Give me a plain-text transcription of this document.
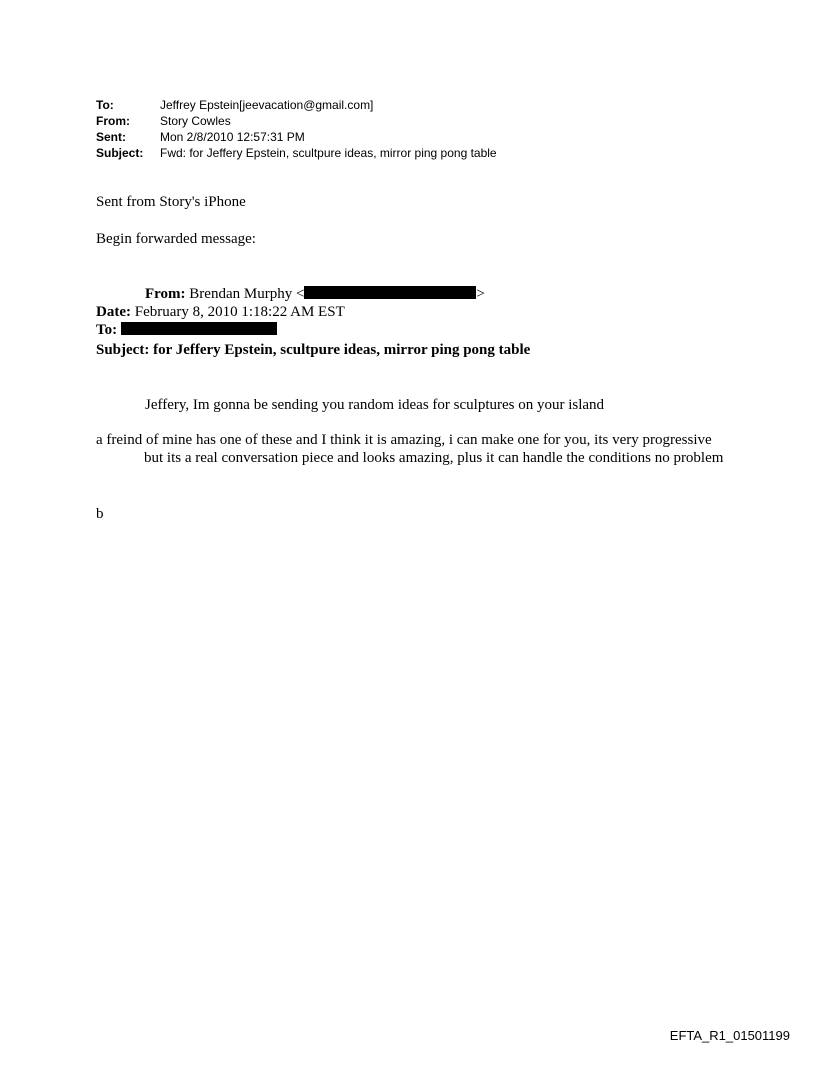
To:	Jeffrey Epstein[jeevacation@gmail.com]
From:	Story Cowles
Sent:	Mon 2/8/2010 12:57:31 PM
Subject:	Fwd: for Jeffery Epstein, scultpure ideas, mirror ping pong table
Sent from Story's iPhone
Begin forwarded message:
From: Brendan Murphy <	>
Date: February 8, 2010 1:18:22 AM EST
To:
Subject: for Jeffery Epstein, scultpure ideas, mirror ping pong table
Jeffery, Im gonna be sending you random ideas for sculptures on your island
a freind of mine has one of these and I think it is amazing, i can make one for you, its very progressive but its a real conversation piece and looks amazing, plus it can handle the conditions no problem
b
EFTA_R1_01501199
